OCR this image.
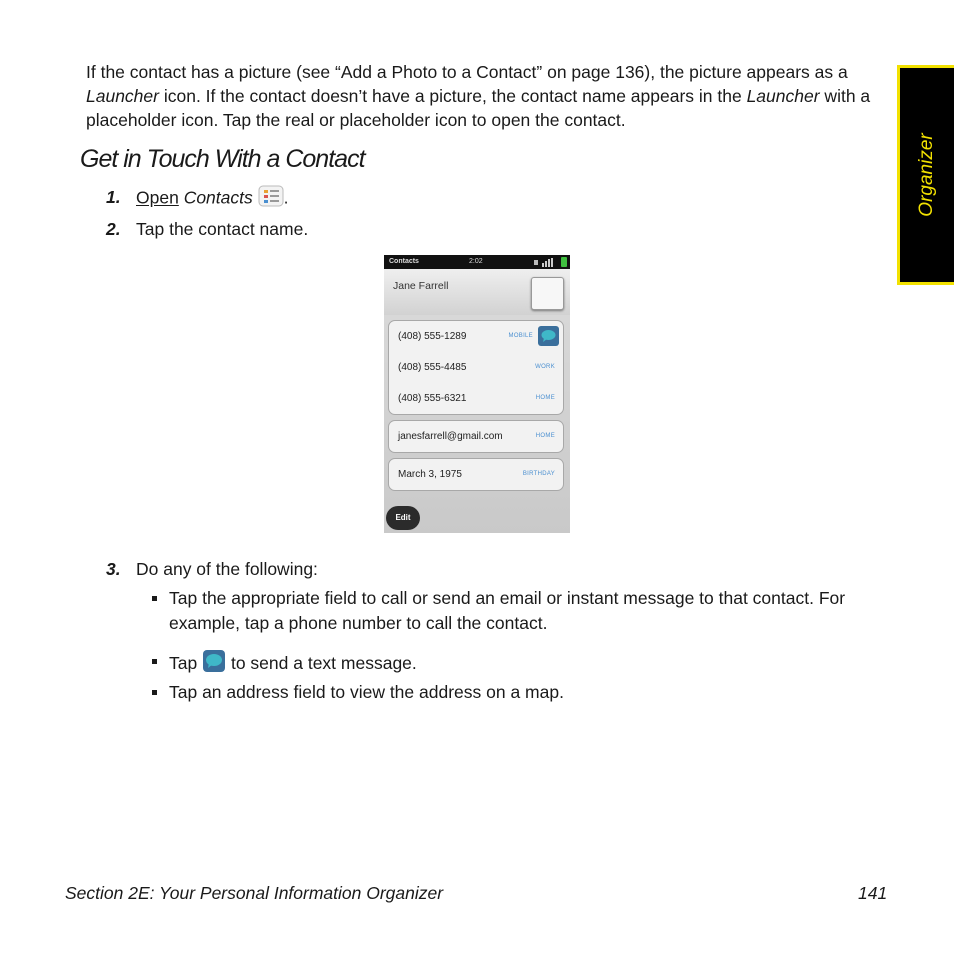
If the contact has a picture (see “Add a Photo to a Contact” on page 136), the picture appears as a Launcher icon. If the contact doesn’t have a picture, the contact name appears in the Launcher with a placeholder icon. Tap the real or placeholder icon to open the contact.

Organizer
Get in Touch With a Contact
1. Open Contacts .
2. Tap the contact name.
Contacts	2:02
Jane Farrell
(408) 555-1289	MOBILE
(408) 555-4485	WORK
(408) 555-6321	HOME
janesfarrell@gmail.com	HOME
March 3, 1975	BIRTHDAY
Edit
3. Do any of the following:
Tap the appropriate field to call or send an email or instant message to that contact. For example, tap a phone number to call the contact.
Tap to send a text message.
Tap an address field to view the address on a map.
Section 2E: Your Personal Information Organizer	141
